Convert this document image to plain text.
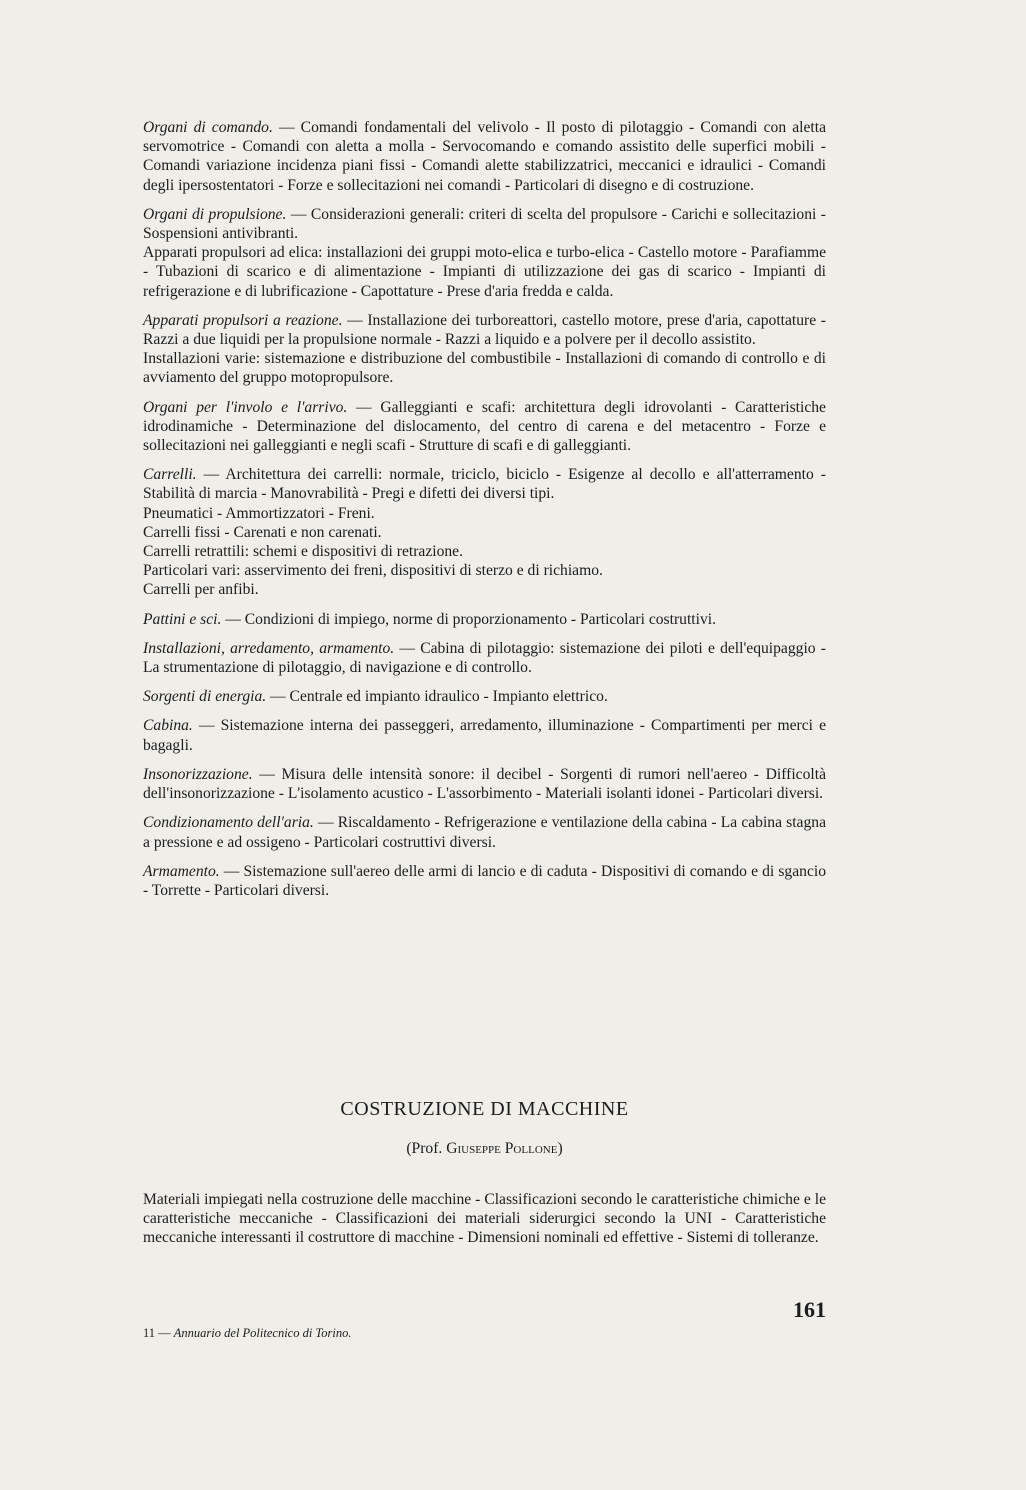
Organi di comando. — Comandi fondamentali del velivolo - Il posto di pilotaggio - Comandi con aletta servomotrice - Comandi con aletta a molla - Servocomando e comando assistito delle superfici mobili - Comandi variazione incidenza piani fissi - Comandi alette stabilizzatrici, meccanici e idraulici - Comandi degli ipersostentatori - Forze e sollecitazioni nei comandi - Particolari di disegno e di costruzione.
Organi di propulsione. — Considerazioni generali: criteri di scelta del propulsore - Carichi e sollecitazioni - Sospensioni antivibranti.
Apparati propulsori ad elica: installazioni dei gruppi moto-elica e turbo-elica - Castello motore - Parafiamme - Tubazioni di scarico e di alimentazione - Impianti di utilizzazione dei gas di scarico - Impianti di refrigerazione e di lubrificazione - Capottature - Prese d'aria fredda e calda.
Apparati propulsori a reazione. — Installazione dei turboreattori, castello motore, prese d'aria, capottature - Razzi a due liquidi per la propulsione normale - Razzi a liquido e a polvere per il decollo assistito.
Installazioni varie: sistemazione e distribuzione del combustibile - Installazioni di comando di controllo e di avviamento del gruppo motopropulsore.
Organi per l'involo e l'arrivo. — Galleggianti e scafi: architettura degli idrovolanti - Caratteristiche idrodinamiche - Determinazione del dislocamento, del centro di carena e del metacentro - Forze e sollecitazioni nei galleggianti e negli scafi - Strutture di scafi e di galleggianti.
Carrelli. — Architettura dei carrelli: normale, triciclo, biciclo - Esigenze al decollo e all'atterramento - Stabilità di marcia - Manovrabilità - Pregi e difetti dei diversi tipi.
Pneumatici - Ammortizzatori - Freni.
Carrelli fissi - Carenati e non carenati.
Carrelli retrattili: schemi e dispositivi di retrazione.
Particolari vari: asservimento dei freni, dispositivi di sterzo e di richiamo.
Carrelli per anfibi.
Pattini e sci. — Condizioni di impiego, norme di proporzionamento - Particolari costruttivi.
Installazioni, arredamento, armamento. — Cabina di pilotaggio: sistemazione dei piloti e dell'equipaggio - La strumentazione di pilotaggio, di navigazione e di controllo.
Sorgenti di energia. — Centrale ed impianto idraulico - Impianto elettrico.
Cabina. — Sistemazione interna dei passeggeri, arredamento, illuminazione - Compartimenti per merci e bagagli.
Insonorizzazione. — Misura delle intensità sonore: il decibel - Sorgenti di rumori nell'aereo - Difficoltà dell'insonorizzazione - L'isolamento acustico - L'assorbimento - Materiali isolanti idonei - Particolari diversi.
Condizionamento dell'aria. — Riscaldamento - Refrigerazione e ventilazione della cabina - La cabina stagna a pressione e ad ossigeno - Particolari costruttivi diversi.
Armamento. — Sistemazione sull'aereo delle armi di lancio e di caduta - Dispositivi di comando e di sgancio - Torrette - Particolari diversi.
COSTRUZIONE DI MACCHINE
(Prof. Giuseppe Pollone)
Materiali impiegati nella costruzione delle macchine - Classificazioni secondo le caratteristiche chimiche e le caratteristiche meccaniche - Classificazioni dei materiali siderurgici secondo la UNI - Caratteristiche meccaniche interessanti il costruttore di macchine - Dimensioni nominali ed effettive - Sistemi di tolleranze.
161
11 — Annuario del Politecnico di Torino.
